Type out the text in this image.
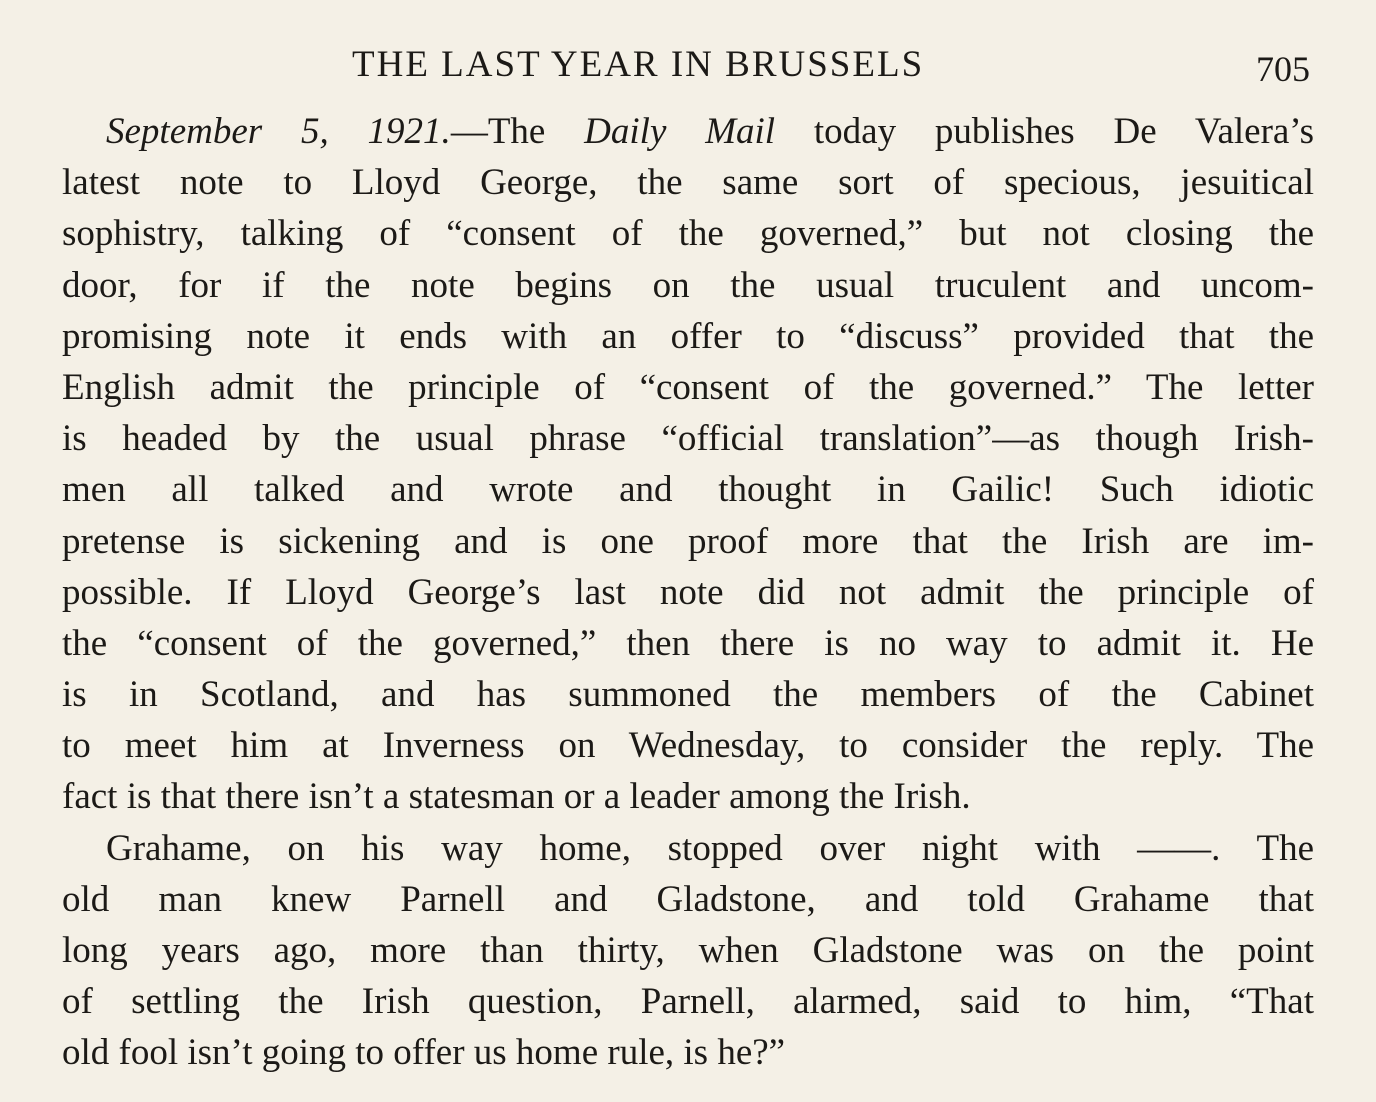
THE LAST YEAR IN BRUSSELS	705
September 5, 1921.—The Daily Mail today publishes De Valera’s
latest note to Lloyd George, the same sort of specious, jesuitical
sophistry, talking of “consent of the governed,” but not closing the
door, for if the note begins on the usual truculent and uncom-
promising note it ends with an offer to “discuss” provided that the
English admit the principle of “consent of the governed.” The letter
is headed by the usual phrase “official translation”—as though Irish-
men all talked and wrote and thought in Gailic! Such idiotic
pretense is sickening and is one proof more that the Irish are im-
possible. If Lloyd George’s last note did not admit the principle of
the “consent of the governed,” then there is no way to admit it. He
is in Scotland, and has summoned the members of the Cabinet
to meet him at Inverness on Wednesday, to consider the reply. The
fact is that there isn’t a statesman or a leader among the Irish.
Grahame, on his way home, stopped over night with ——. The
old man knew Parnell and Gladstone, and told Grahame that
long years ago, more than thirty, when Gladstone was on the point
of settling the Irish question, Parnell, alarmed, said to him, “That
old fool isn’t going to offer us home rule, is he?”
